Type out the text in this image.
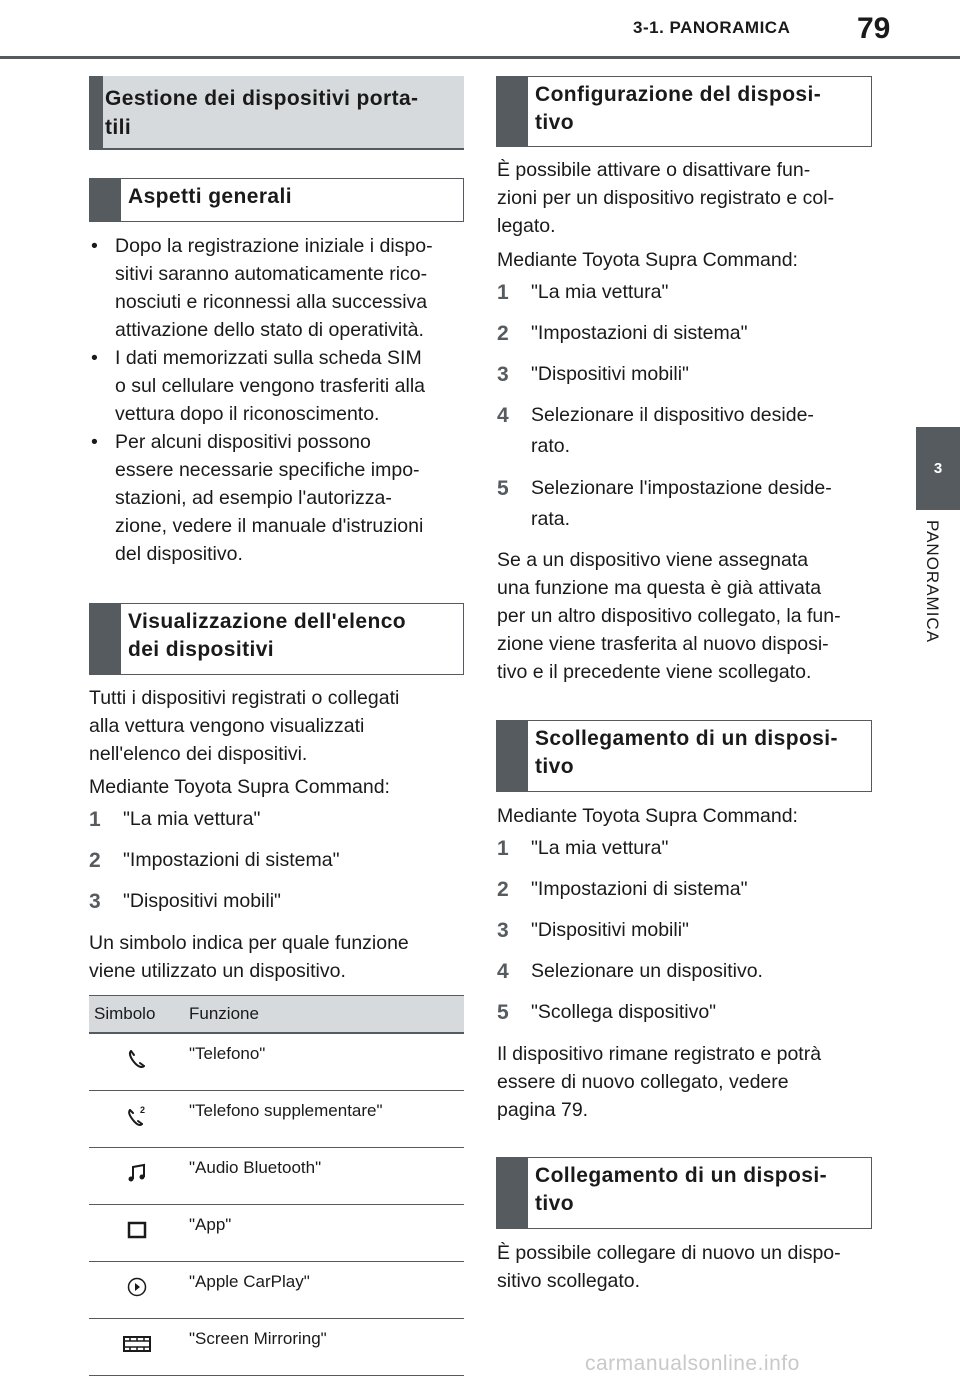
3-1. PANORAMICA 79
3
PANORAMICA
Gestione dei dispositivi porta-
tili
Aspetti generali
• Dopo la registrazione iniziale i dispo-
sitivi saranno automaticamente rico-
nosciuti e riconnessi alla successiva
attivazione dello stato di operatività.
• I dati memorizzati sulla scheda SIM
o sul cellulare vengono trasferiti alla
vettura dopo il riconoscimento.
• Per alcuni dispositivi possono
essere necessarie specifiche impo-
stazioni, ad esempio l'autorizza-
zione, vedere il manuale d'istruzioni
del dispositivo.
Visualizzazione dell'elenco
dei dispositivi
Tutti i dispositivi registrati o collegati
alla vettura vengono visualizzati
nell'elenco dei dispositivi.
Mediante Toyota Supra Command:
1 "La mia vettura"
2 "Impostazioni di sistema"
3 "Dispositivi mobili"
Un simbolo indica per quale funzione
viene utilizzato un dispositivo.
Simbolo	Funzione
	"Telefono"

2	"Telefono supplementare"
	"Audio Bluetooth"
	"App"
	"Apple CarPlay"
	"Screen Mirroring"
Configurazione del disposi-
tivo
È possibile attivare o disattivare fun-
zioni per un dispositivo registrato e col-
legato.
Mediante Toyota Supra Command:
1 "La mia vettura"
2 "Impostazioni di sistema"
3 "Dispositivi mobili"
4 Selezionare il dispositivo deside-
rato.
5 Selezionare l'impostazione deside-
rata.
Se a un dispositivo viene assegnata
una funzione ma questa è già attivata
per un altro dispositivo collegato, la fun-
zione viene trasferita al nuovo disposi-
tivo e il precedente viene scollegato.
Scollegamento di un disposi-
tivo
Mediante Toyota Supra Command:
1 "La mia vettura"
2 "Impostazioni di sistema"
3 "Dispositivi mobili"
4 Selezionare un dispositivo.
5 "Scollega dispositivo"
Il dispositivo rimane registrato e potrà
essere di nuovo collegato, vedere
pagina 79.
Collegamento di un disposi-
tivo
È possibile collegare di nuovo un dispo-
sitivo scollegato.
carmanualsonline.info
